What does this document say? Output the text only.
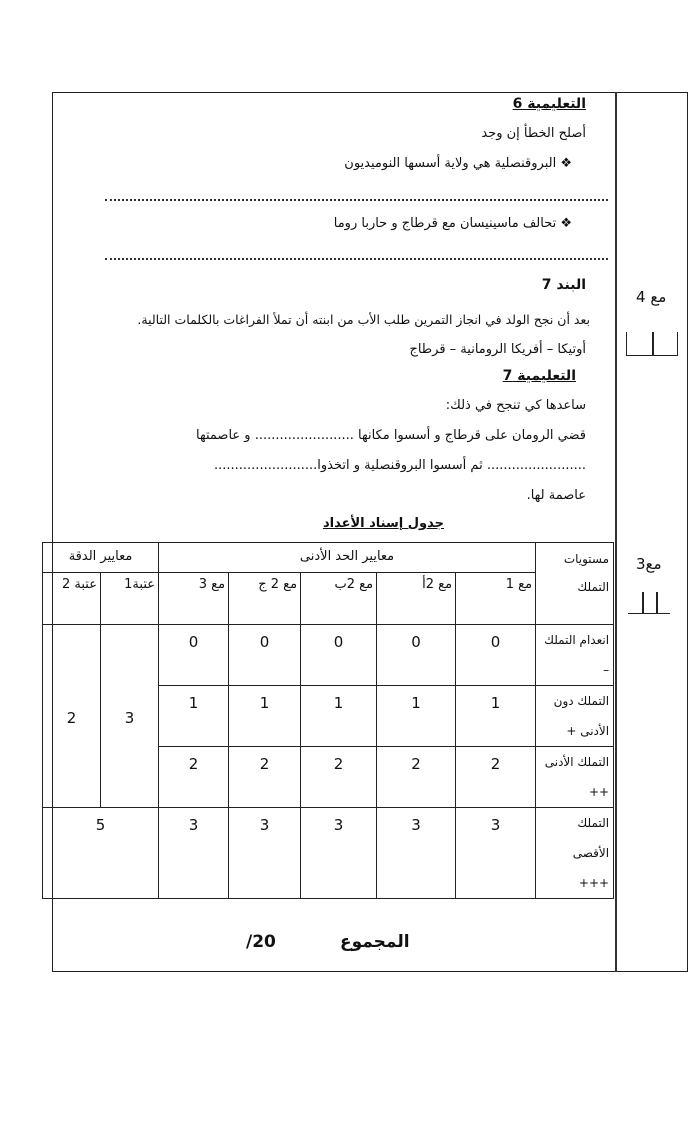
التعليمية 6
أصلح الخطأ إن وجد
❖ البروقنصلية هي ولاية أسسها النوميديون
❖ تحالف ماسينيسان مع قرطاج و حاربا روما
البند 7
بعد أن نجح الولد في انجاز التمرين طلب الأب من ابنته أن تملأ الفراغات بالكلمات التالية.
أوتيكا – أفريكا الرومانية – قرطاج
التعليمية 7
ساعدها كي تنجح في ذلك:
قضي الرومان على قرطاج و أسسوا مكانها ........................ و عاصمتها
........................ ثم أسسوا البروقنصلية و اتخذوا.........................
عاصمة لها.
مع 4
مع3
جدول إسناد الأعداد
مستويات التملك	معايير الحد الأدنى					معايير الدقة	
	مع 1	مع 2أ	مع 2ب	مع 2 ج	مع 3	عتبة1	عتبة 2
انعدام التملك –	0	0	0	0	0	3	2
التملك دون الأدنى +	1	1	1	1	1		
التملك الأدنى ++	2	2	2	2	2		
التملك الأقصى +++	3	3	3	3	3	5	
المجموع
/20
